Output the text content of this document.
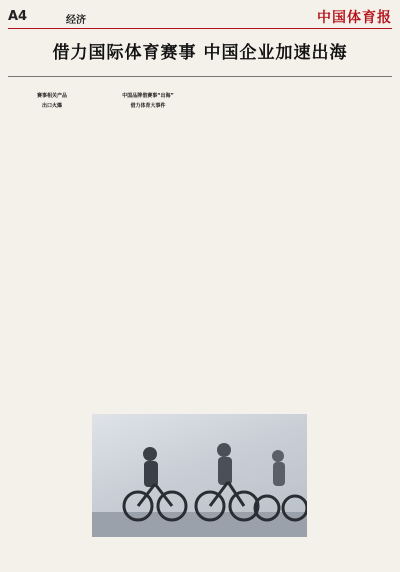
A4	经济	中国体育报
借力国际体育赛事 中国企业加速出海

赛事相关产品
出口火爆

中国品牌借赛事“出海”
借力体育大事件
